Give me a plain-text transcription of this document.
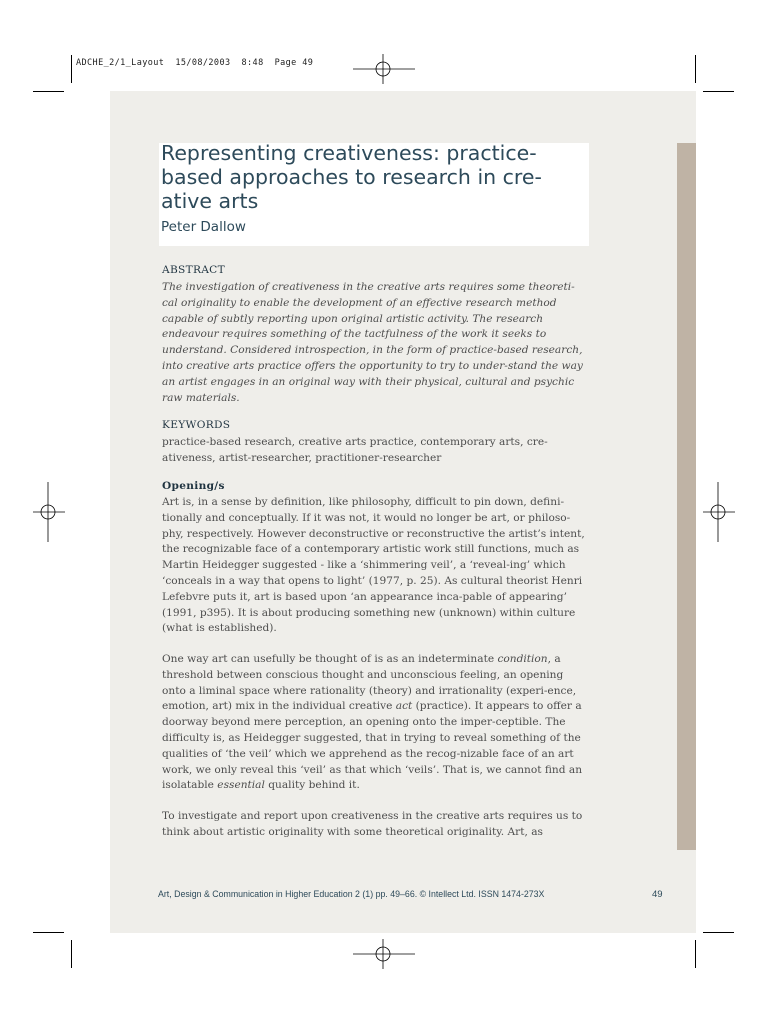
ADCHE_2/1_Layout  15/08/2003  8:48  Page 49
Representing creativeness: practice-based approaches to research in cre-ative arts
Peter Dallow
ABSTRACT

The investigation of creativeness in the creative arts requires some theoreti-cal originality to enable the development of an effective research method capable of subtly reporting upon original artistic activity. The research endeavour requires something of the tactfulness of the work it seeks to understand. Considered introspection, in the form of practice-based research, into creative arts practice offers the opportunity to try to under-stand the way an artist engages in an original way with their physical, cultural and psychic raw materials.

KEYWORDS

practice-based research, creative arts practice, contemporary arts, cre-ativeness, artist-researcher, practitioner-researcher

Opening/s

Art is, in a sense by definition, like philosophy, difficult to pin down, defini-tionally and conceptually. If it was not, it would no longer be art, or philoso-phy, respectively. However deconstructive or reconstructive the artist’s intent, the recognizable face of a contemporary artistic work still functions, much as Martin Heidegger suggested - like a ‘shimmering veil’, a ‘reveal-ing’ which ‘conceals in a way that opens to light’ (1977, p. 25). As cultural theorist Henri Lefebvre puts it, art is based upon ‘an appearance inca-pable of appearing’ (1991, p395). It is about producing something new (unknown) within culture (what is established).

One way art can usefully be thought of is as an indeterminate condition, a threshold between conscious thought and unconscious feeling, an opening onto a liminal space where rationality (theory) and irrationality (experi-ence, emotion, art) mix in the individual creative act (practice). It appears to offer a doorway beyond mere perception, an opening onto the imper-ceptible. The difficulty is, as Heidegger suggested, that in trying to reveal something of the qualities of ‘the veil’ which we apprehend as the recog-nizable face of an art work, we only reveal this ‘veil’ as that which ‘veils’. That is, we cannot find an isolatable essential quality behind it.

To investigate and report upon creativeness in the creative arts requires us to think about artistic originality with some theoretical originality. Art, as

Art, Design & Communication in Higher Education 2 (1) pp. 49–66. © Intellect Ltd. ISSN 1474-273X	49
